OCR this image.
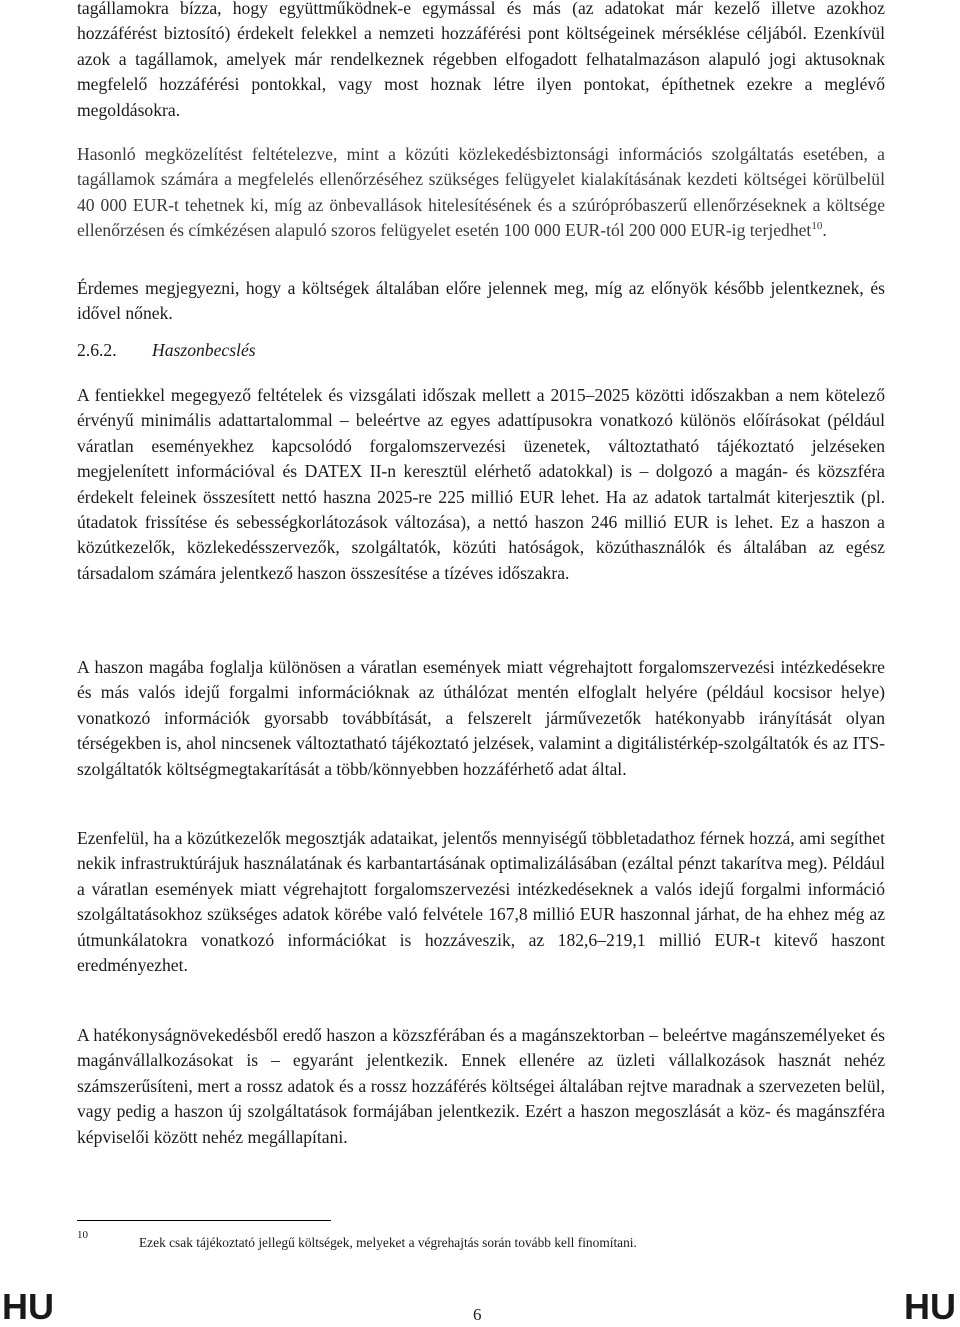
tagállamokra bízza, hogy együttműködnek-e egymással és más (az adatokat már kezelő illetve azokhoz hozzáférést biztosító) érdekelt felekkel a nemzeti hozzáférési pont költségeinek mérséklése céljából. Ezenkívül azok a tagállamok, amelyek már rendelkeznek régebben elfogadott felhatalmazáson alapuló jogi aktusoknak megfelelő hozzáférési pontokkal, vagy most hoznak létre ilyen pontokat, építhetnek ezekre a meglévő megoldásokra.

Hasonló megközelítést feltételezve, mint a közúti közlekedésbiztonsági információs szolgáltatás esetében, a tagállamok számára a megfelelés ellenőrzéséhez szükséges felügyelet kialakításának kezdeti költségei körülbelül 40 000 EUR-t tehetnek ki, míg az önbevallások hitelesítésének és a szúrópróbaszerű ellenőrzéseknek a költsége ellenőrzésen és címkézésen alapuló szoros felügyelet esetén 100 000 EUR-tól 200 000 EUR-ig terjedhet$^{10}$.

Érdemes megjegyezni, hogy a költségek általában előre jelennek meg, míg az előnyök később jelentkeznek, és idővel nőnek.

2.6.2. Haszonbecslés

A fentiekkel megegyező feltételek és vizsgálati időszak mellett a 2015–2025 közötti időszakban a nem kötelező érvényű minimális adattartalommal – beleértve az egyes adattípusokra vonatkozó különös előírásokat (például váratlan eseményekhez kapcsolódó forgalomszervezési üzenetek, változtatható tájékoztató jelzéseken megjelenített információval és DATEX II-n keresztül elérhető adatokkal) is – dolgozó a magán- és közszféra érdekelt feleinek összesített nettó haszna 2025-re 225 millió EUR lehet. Ha az adatok tartalmát kiterjesztik (pl. útadatok frissítése és sebességkorlátozások változása), a nettó haszon 246 millió EUR is lehet. Ez a haszon a közútkezelők, közlekedésszervezők, szolgáltatók, közúti hatóságok, közúthasználók és általában az egész társadalom számára jelentkező haszon összesítése a tízéves időszakra.

A haszon magába foglalja különösen a váratlan események miatt végrehajtott forgalomszervezési intézkedésekre és más valós idejű forgalmi információknak az úthálózat mentén elfoglalt helyére (például kocsisor helye) vonatkozó információk gyorsabb továbbítását, a felszerelt járművezetők hatékonyabb irányítását olyan térségekben is, ahol nincsenek változtatható tájékoztató jelzések, valamint a digitálistérkép-szolgáltatók és az ITS-szolgáltatók költségmegtakarítását a több/könnyebben hozzáférhető adat által.

Ezenfelül, ha a közútkezelők megosztják adataikat, jelentős mennyiségű többletadathoz férnek hozzá, ami segíthet nekik infrastruktúrájuk használatának és karbantartásának optimalizálásában (ezáltal pénzt takarítva meg). Például a váratlan események miatt végrehajtott forgalomszervezési intézkedéseknek a valós idejű forgalmi információ szolgáltatásokhoz szükséges adatok körébe való felvétele 167,8 millió EUR haszonnal járhat, de ha ehhez még az útmunkálatokra vonatkozó információkat is hozzáveszik, az 182,6–219,1 millió EUR-t kitevő haszont eredményezhet.

A hatékonyságnövekedésből eredő haszon a közszférában és a magánszektorban – beleértve magánszemélyeket és magánvállalkozásokat is – egyaránt jelentkezik. Ennek ellenére az üzleti vállalkozások hasznát nehéz számszerűsíteni, mert a rossz adatok és a rossz hozzáférés költségei általában rejtve maradnak a szervezeten belül, vagy pedig a haszon új szolgáltatások formájában jelentkezik. Ezért a haszon megoszlását a köz- és magánszféra képviselői között nehéz megállapítani.

10	Ezek csak tájékoztató jellegű költségek, melyeket a végrehajtás során tovább kell finomítani.
HU	6	HU
